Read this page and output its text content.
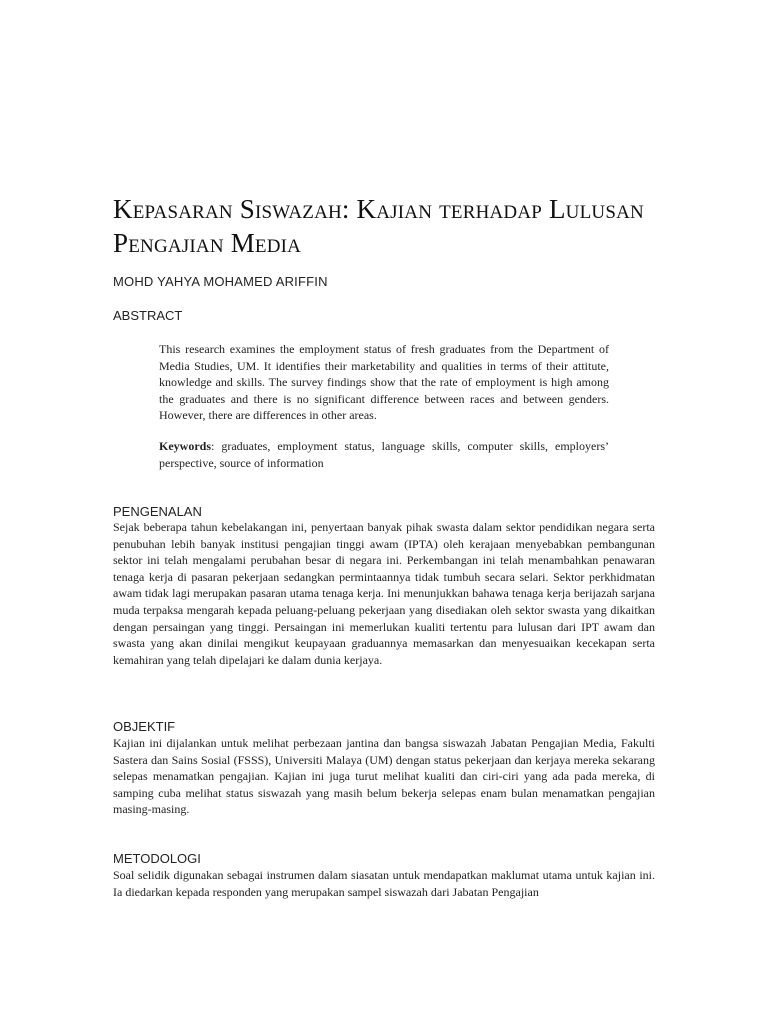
Kepasaran Siswazah: Kajian terhadap Lulusan Pengajian Media
MOHD YAHYA MOHAMED ARIFFIN
ABSTRACT

This research examines the employment status of fresh graduates from the Department of Media Studies, UM. It identifies their marketability and qualities in terms of their attitute, knowledge and skills. The survey findings show that the rate of employment is high among the graduates and there is no significant difference between races and between genders. However, there are differences in other areas.

Keywords: graduates, employment status, language skills, computer skills, employers’ perspective, source of information

PENGENALAN

Sejak beberapa tahun kebelakangan ini, penyertaan banyak pihak swasta dalam sektor pendidikan negara serta penubuhan lebih banyak institusi pengajian tinggi awam (IPTA) oleh kerajaan menyebabkan pembangunan sektor ini telah mengalami perubahan besar di negara ini. Perkembangan ini telah menambahkan penawaran tenaga kerja di pasaran pekerjaan sedangkan permintaannya tidak tumbuh secara selari. Sektor perkhidmatan awam tidak lagi merupakan pasaran utama tenaga kerja. Ini menunjukkan bahawa tenaga kerja berijazah sarjana muda terpaksa mengarah kepada peluang-peluang pekerjaan yang disediakan oleh sektor swasta yang dikaitkan dengan persaingan yang tinggi. Persaingan ini memerlukan kualiti tertentu para lulusan dari IPT awam dan swasta yang akan dinilai mengikut keupayaan graduannya memasarkan dan menyesuaikan kecekapan serta kemahiran yang telah dipelajari ke dalam dunia kerjaya.

OBJEKTIF

Kajian ini dijalankan untuk melihat perbezaan jantina dan bangsa siswazah Jabatan Pengajian Media, Fakulti Sastera dan Sains Sosial (FSSS), Universiti Malaya (UM) dengan status pekerjaan dan kerjaya mereka sekarang selepas menamatkan pengajian. Kajian ini juga turut melihat kualiti dan ciri-ciri yang ada pada mereka, di samping cuba melihat status siswazah yang masih belum bekerja selepas enam bulan menamatkan pengajian masing-masing.

METODOLOGI

Soal selidik digunakan sebagai instrumen dalam siasatan untuk mendapatkan maklumat utama untuk kajian ini. Ia diedarkan kepada responden yang merupakan sampel siswazah dari Jabatan Pengajian
